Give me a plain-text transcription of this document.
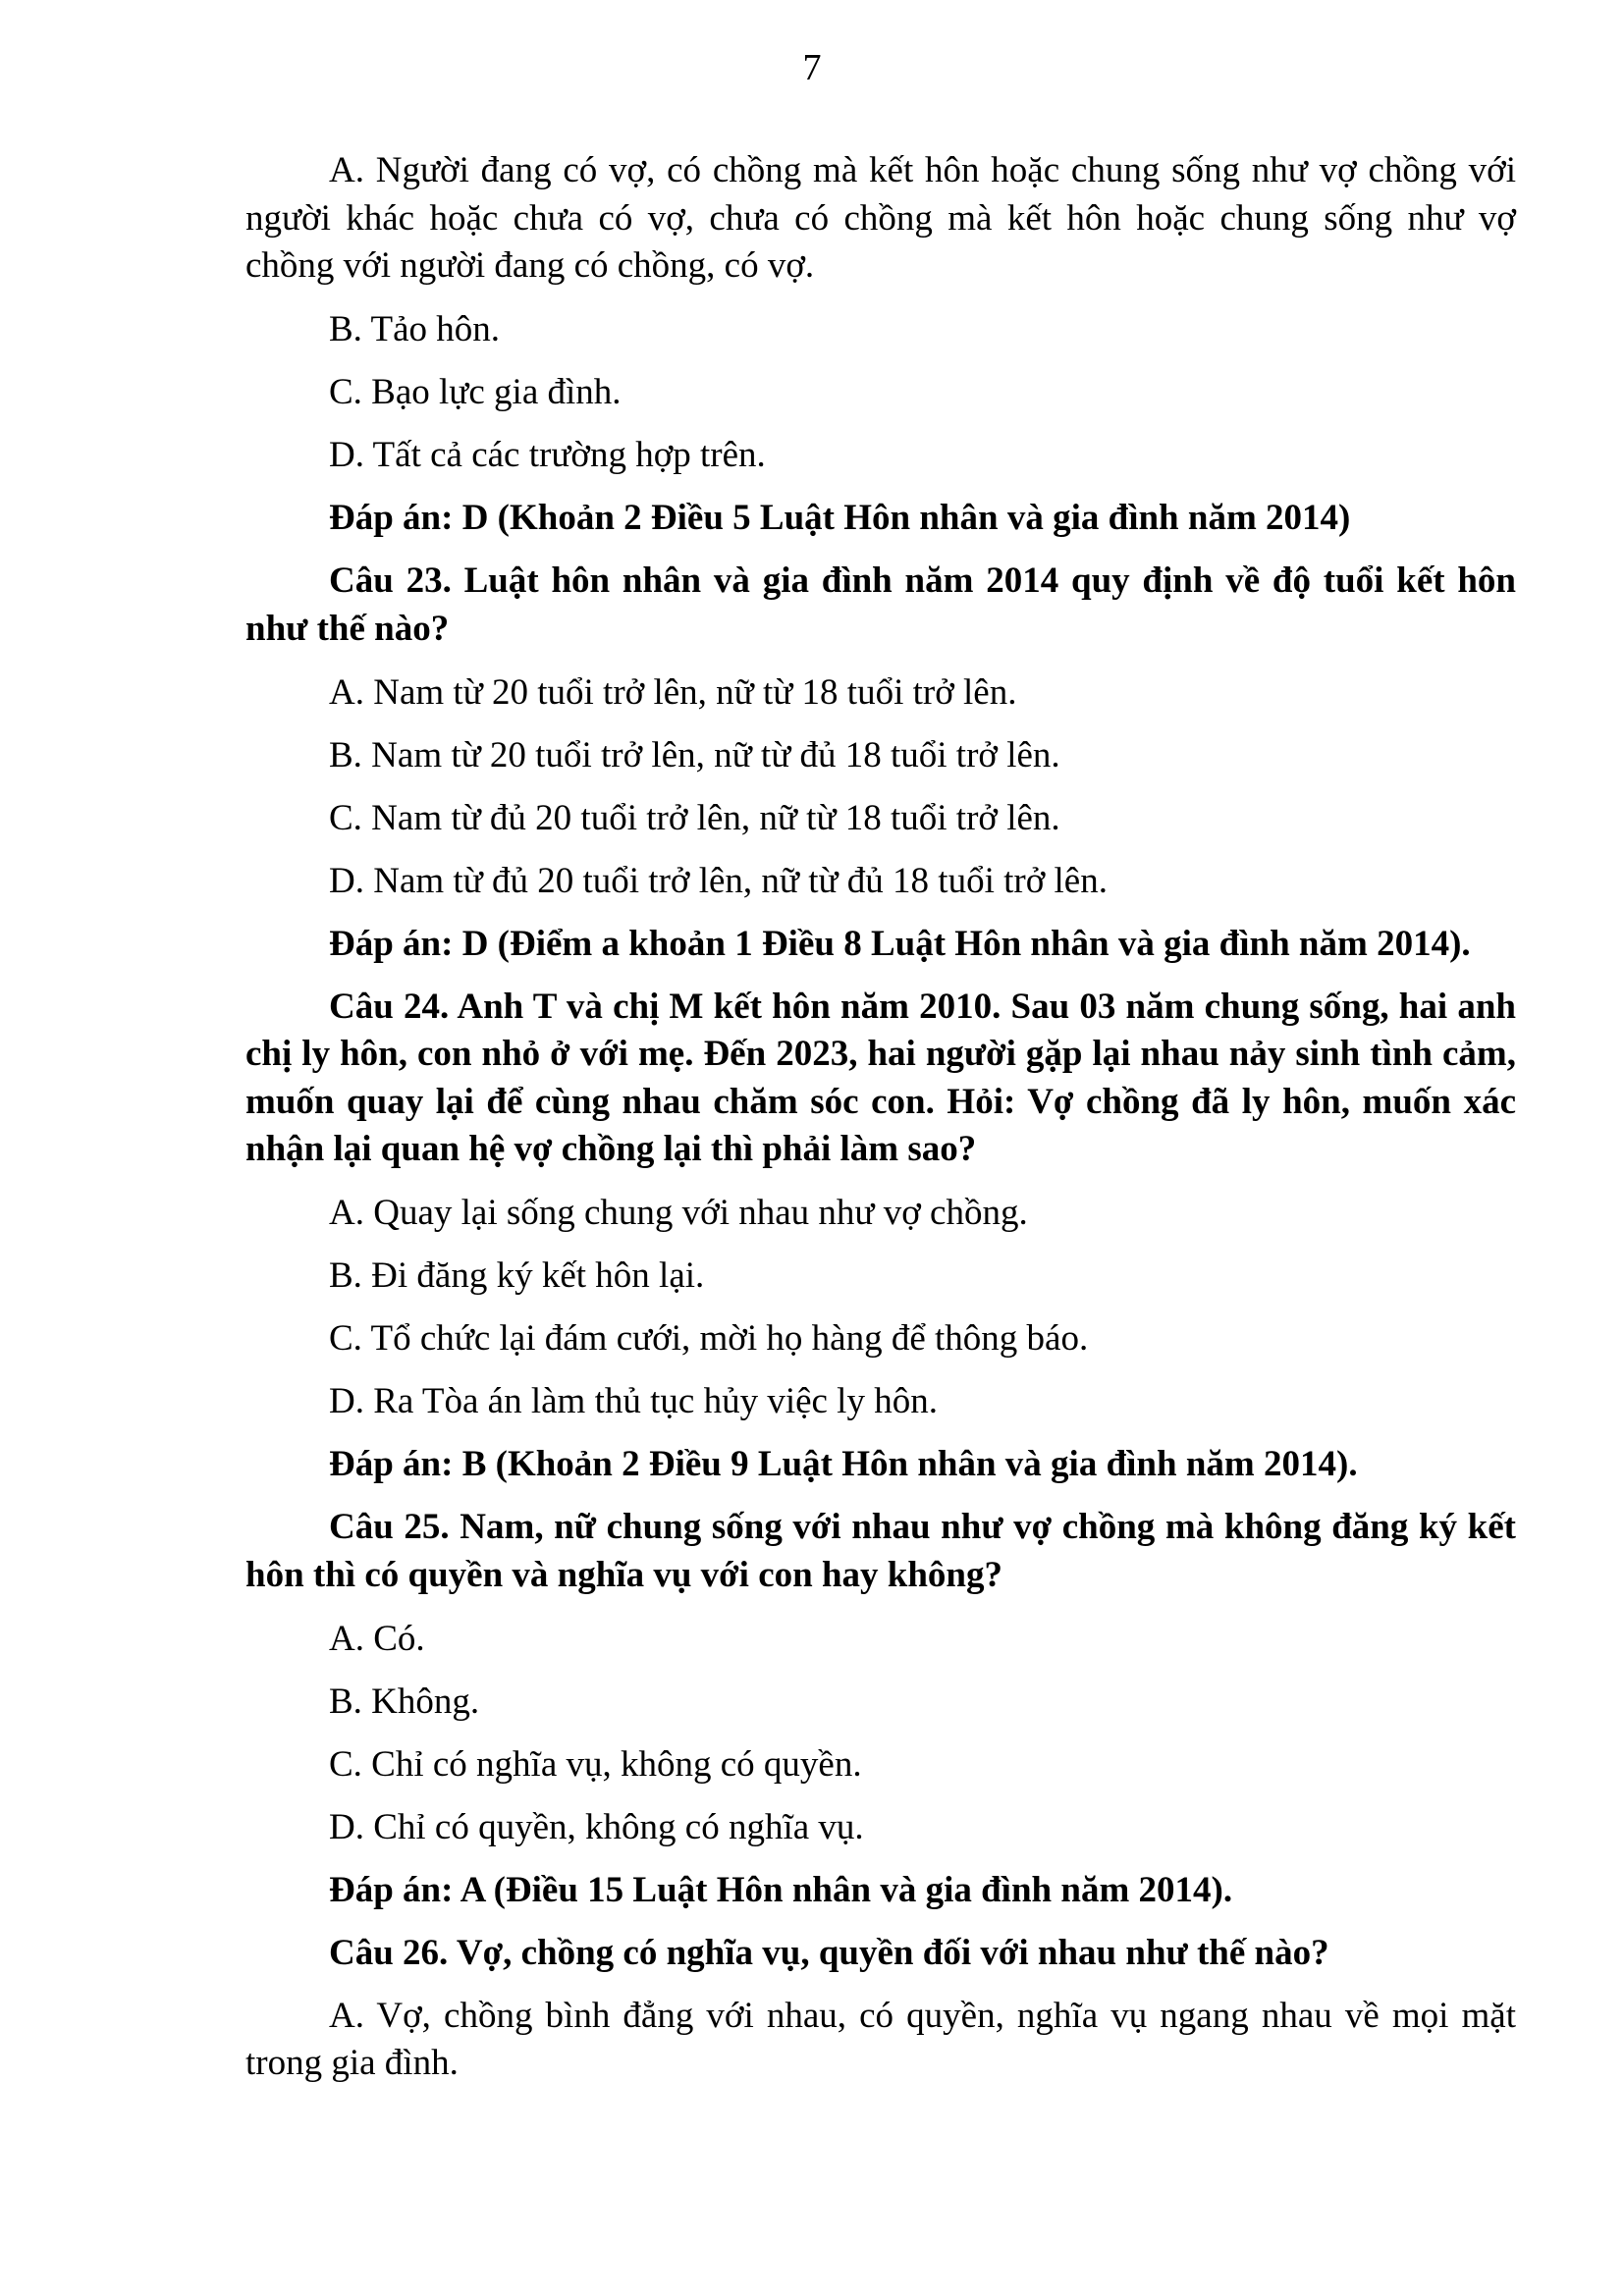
7

A. Người đang có vợ, có chồng mà kết hôn hoặc chung sống như vợ chồng với người khác hoặc chưa có vợ, chưa có chồng mà kết hôn hoặc chung sống như vợ chồng với người đang có chồng, có vợ.

B. Tảo hôn.

C. Bạo lực gia đình.

D. Tất cả các trường hợp trên.

Đáp án: D (Khoản 2 Điều 5 Luật Hôn nhân và gia đình năm 2014)

Câu 23. Luật hôn nhân và gia đình năm 2014 quy định về độ tuổi kết hôn như thế nào?

A. Nam từ 20 tuổi trở lên, nữ từ 18 tuổi trở lên.

B. Nam từ 20 tuổi trở lên, nữ từ đủ 18 tuổi trở lên.

C. Nam từ đủ 20 tuổi trở lên, nữ từ 18 tuổi trở lên.

D. Nam từ đủ 20 tuổi trở lên, nữ từ đủ 18 tuổi trở lên.

Đáp án: D (Điểm a khoản 1 Điều 8 Luật Hôn nhân và gia đình năm 2014).

Câu 24. Anh T và chị M kết hôn năm 2010. Sau 03 năm chung sống, hai anh chị ly hôn, con nhỏ ở với mẹ. Đến 2023, hai người gặp lại nhau nảy sinh tình cảm, muốn quay lại để cùng nhau chăm sóc con. Hỏi: Vợ chồng đã ly hôn, muốn xác nhận lại quan hệ vợ chồng lại thì phải làm sao?

A. Quay lại sống chung với nhau như vợ chồng.

B. Đi đăng ký kết hôn lại.

C. Tổ chức lại đám cưới, mời họ hàng để thông báo.

D. Ra Tòa án làm thủ tục hủy việc ly hôn.

Đáp án: B (Khoản 2 Điều 9 Luật Hôn nhân và gia đình năm 2014).

Câu 25. Nam, nữ chung sống với nhau như vợ chồng mà không đăng ký kết hôn thì có quyền và nghĩa vụ với con hay không?

A. Có.

B. Không.

C. Chỉ có nghĩa vụ, không có quyền.

D. Chỉ có quyền, không có nghĩa vụ.

Đáp án: A (Điều 15 Luật Hôn nhân và gia đình năm 2014).

Câu 26. Vợ, chồng có nghĩa vụ, quyền đối với nhau như thế nào?

A. Vợ, chồng bình đẳng với nhau, có quyền, nghĩa vụ ngang nhau về mọi mặt trong gia đình.
